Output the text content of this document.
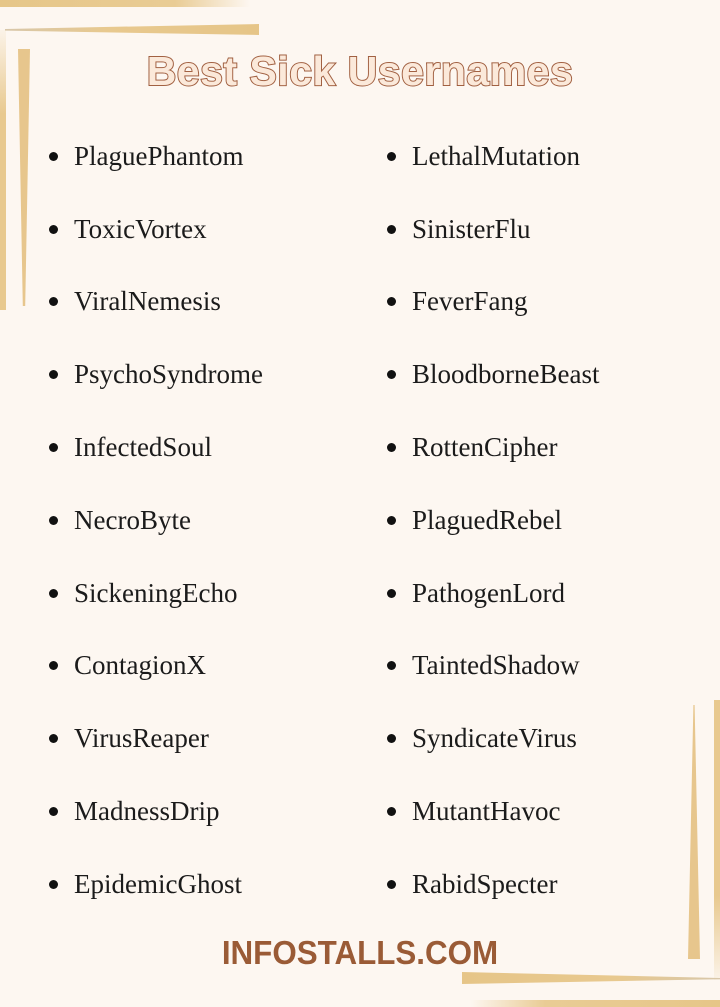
Best Sick Usernames
PlaguePhantom
ToxicVortex
ViralNemesis
PsychoSyndrome
InfectedSoul
NecroByte
SickeningEcho
ContagionX
VirusReaper
MadnessDrip
EpidemicGhost
LethalMutation
SinisterFlu
FeverFang
BloodborneBeast
RottenCipher
PlaguedRebel
PathogenLord
TaintedShadow
SyndicateVirus
MutantHavoc
RabidSpecter
INFOSTALLS.COM
